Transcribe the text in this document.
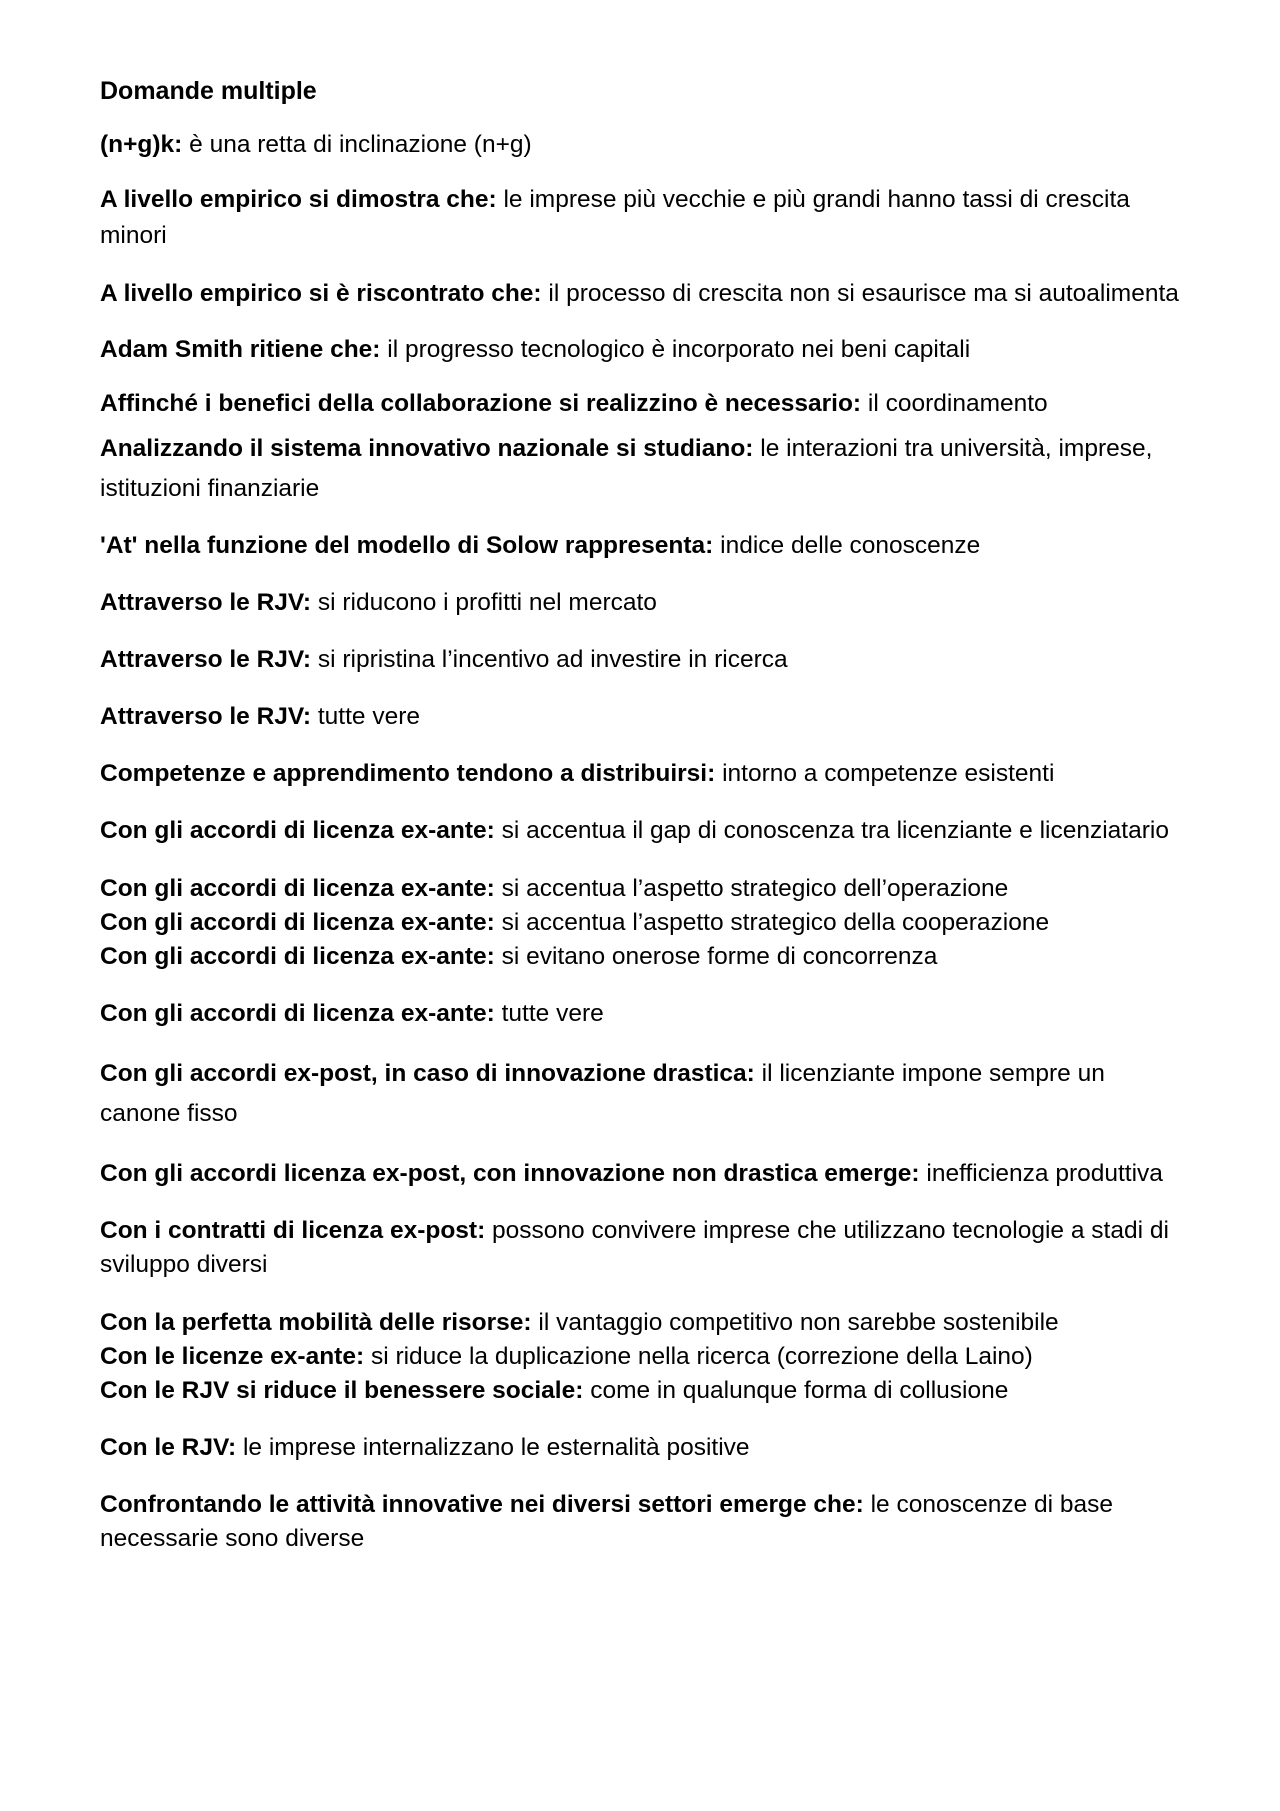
Domande multiple

(n+g)k: è una retta di inclinazione (n+g)

A livello empirico si dimostra che: le imprese più vecchie e più grandi hanno tassi di crescita minori

A livello empirico si è riscontrato che: il processo di crescita non si esaurisce ma si autoalimenta

Adam Smith ritiene che: il progresso tecnologico è incorporato nei beni capitali

Affinché i benefici della collaborazione si realizzino è necessario: il coordinamento

Analizzando il sistema innovativo nazionale si studiano: le interazioni tra università, imprese, istituzioni finanziarie

'At' nella funzione del modello di Solow rappresenta: indice delle conoscenze

Attraverso le RJV: si riducono i profitti nel mercato

Attraverso le RJV: si ripristina l’incentivo ad investire in ricerca

Attraverso le RJV: tutte vere

Competenze e apprendimento tendono a distribuirsi: intorno a competenze esistenti

Con gli accordi di licenza ex-ante: si accentua il gap di conoscenza tra licenziante e licenziatario

Con gli accordi di licenza ex-ante: si accentua l’aspetto strategico dell’operazione

Con gli accordi di licenza ex-ante: si accentua l’aspetto strategico della cooperazione

Con gli accordi di licenza ex-ante: si evitano onerose forme di concorrenza

Con gli accordi di licenza ex-ante: tutte vere

Con gli accordi ex-post, in caso di innovazione drastica: il licenziante impone sempre un canone fisso

Con gli accordi licenza ex-post, con innovazione non drastica emerge: inefficienza produttiva

Con i contratti di licenza ex-post: possono convivere imprese che utilizzano tecnologie a stadi di sviluppo diversi

Con la perfetta mobilità delle risorse: il vantaggio competitivo non sarebbe sostenibile

Con le licenze ex-ante: si riduce la duplicazione nella ricerca (correzione della Laino)

Con le RJV si riduce il benessere sociale: come in qualunque forma di collusione

Con le RJV: le imprese internalizzano le esternalità positive

Confrontando le attività innovative nei diversi settori emerge che: le conoscenze di base necessarie sono diverse
